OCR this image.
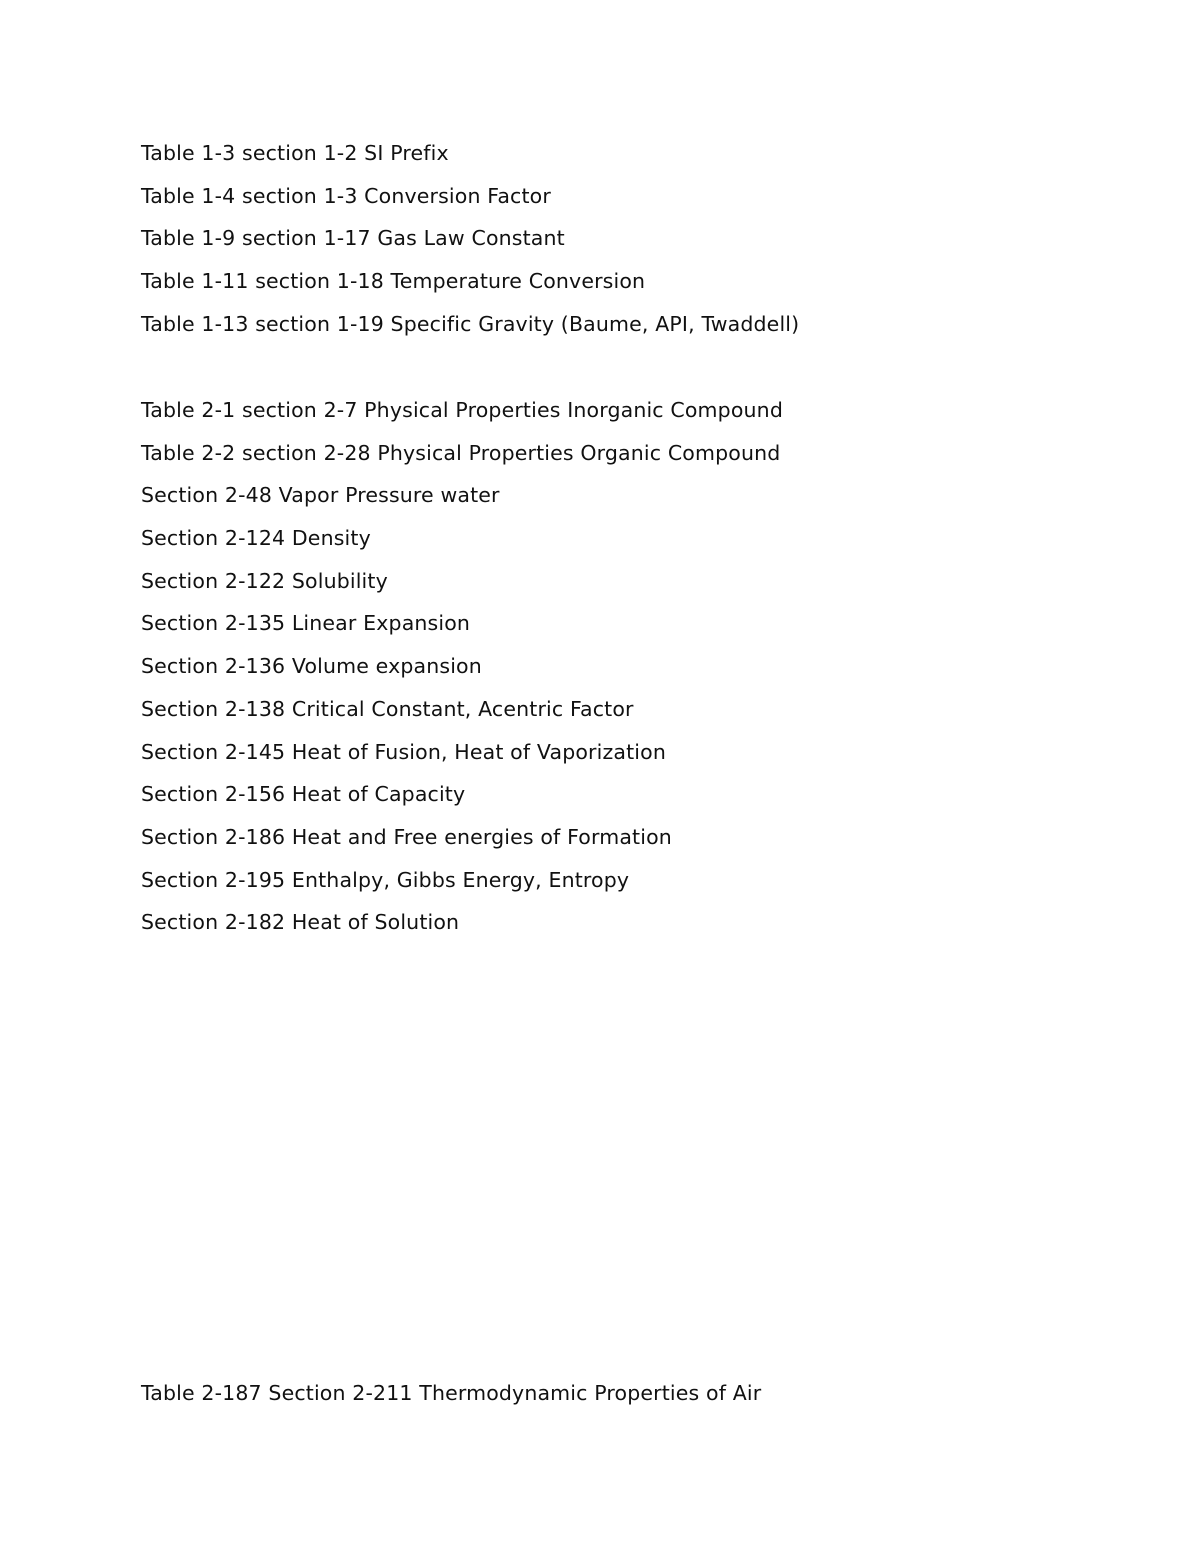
Table 1-3 section 1-2 SI Prefix
Table 1-4 section 1-3 Conversion Factor
Table 1-9 section 1-17 Gas Law Constant
Table 1-11 section 1-18 Temperature Conversion
Table 1-13 section 1-19 Specific Gravity (Baume, API, Twaddell)
Table 2-1 section 2-7 Physical Properties Inorganic Compound
Table 2-2 section 2-28 Physical Properties Organic Compound
Section 2-48 Vapor Pressure water
Section 2-124 Density
Section 2-122 Solubility
Section 2-135 Linear Expansion
Section 2-136 Volume expansion
Section 2-138 Critical Constant, Acentric Factor
Section 2-145 Heat of Fusion, Heat of Vaporization
Section 2-156 Heat of Capacity
Section 2-186 Heat and Free energies of Formation
Section 2-195 Enthalpy, Gibbs Energy, Entropy
Section 2-182 Heat of Solution
Table 2-187 Section 2-211 Thermodynamic Properties of Air
